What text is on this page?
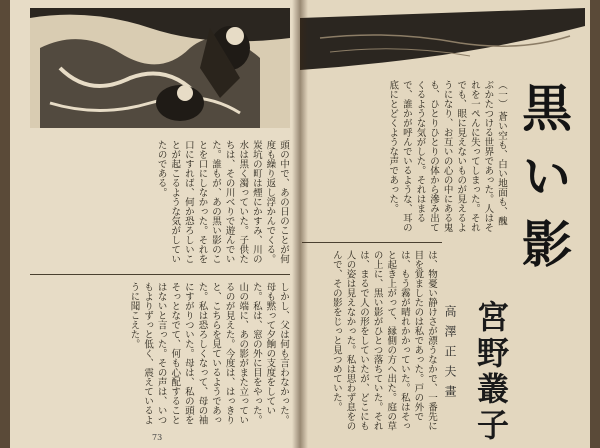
頭の中で、あの日のことが何度も繰り返し浮かんでくる。炭坑の町は煙にかすみ、川の水は黒く濁っていた。子供たちは、その川べりで遊んでいた。誰もが、あの黒い影のことを口にしなかった。それを口にすれば、何か恐ろしいことが起こるような気がしていたのである。
しかし、父は何も言わなかった。母も黙って夕餉の支度をしていた。私は、窓の外に目をやった。山の端に、あの影がまた立っているのが見えた。今度は、はっきりと、こちらを見ているようであった。私は恐ろしくなって、母の袖にすがりついた。母は、私の頭をそっとなでて、何も心配することはないと言った。その声は、いつもよりずっと低く、震えているように聞こえた。
73
（一） 蒼い空も、白い地面も、醜ぶかたつける世界であった。人はそれを一ぺんに失ってしまった。それでも、眼に見えないものが見えるようになり、お互いの心の中にある鬼も、ひとりひとりの体から滲み出てくるような気がした。それはまるで、誰かが呼んでいるような、耳の底にとどくような声であった。	黒い影
は、物憂い静けさが漂うなかで、一番先に目を覚ましたのは私であった。戸の外では、もう霧が晴れかかっていた。私はそっと起き上がって、縁側の方へ出た。庭の草の上に、黒い影がひとつ落ちていた。それは、まるで人の形をしていたが、どこにも人の姿は見えなかった。私は思わず息をのんで、その影をじっと見つめていた。	宮野叢子
高澤正夫畫
